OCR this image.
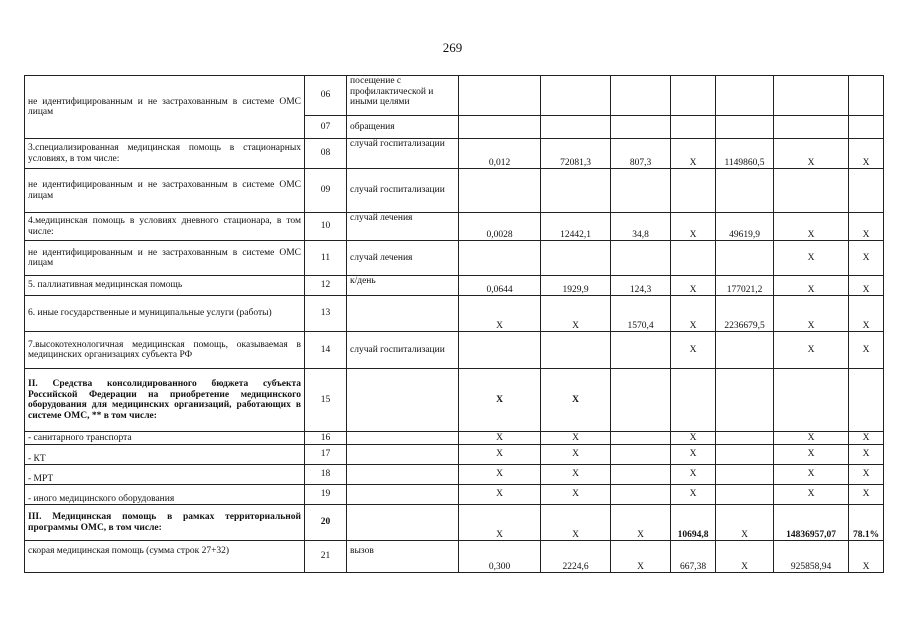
269
не идентифицированным и не застрахованным в системе ОМС лицам	06	посещение с профилактической и иными целями							
	07	обращения							
3.специализированная медицинская помощь в стационарных условиях, в том числе:	08	случай госпитализации	0,012	72081,3	807,3	X	1149860,5	X	X
не идентифицированным и не застрахованным в системе ОМС лицам	09	случай госпитализации							
4.медицинская помощь в условиях дневного стационара, в том числе:	10	случай лечения	0,0028	12442,1	34,8	X	49619,9	X	X
не идентифицированным и не застрахованным в системе ОМС лицам	11	случай лечения						X	X
5. паллиативная медицинская помощь	12	к/день	0,0644	1929,9	124,3	X	177021,2	X	X
6. иные государственные и муниципальные услуги (работы)	13		X	X	1570,4	X	2236679,5	X	X
7.высокотехнологичная медицинская помощь, оказываемая в медицинских организациях субъекта РФ	14	случай госпитализации				X		X	X
II. Средства консолидированного бюджета субъекта Российской Федерации на приобретение медицинского оборудования для медицинских организаций, работающих в системе ОМС, ** в том числе:	15		X	X					
- санитарного транспорта	16		X	X		X		X	X
- КТ	17		X	X		X		X	X
- МРТ	18		X	X		X		X	X
- иного медицинского оборудования	19		X	X		X		X	X
III. Медицинская помощь в рамках территориальной программы ОМС, в том числе:	20		X	X	X	10694,8	X	14836957,07	78.1%
скорая медицинская помощь (сумма строк 27+32)	21	вызов	0,300	2224,6	X	667,38	X	925858,94	X
